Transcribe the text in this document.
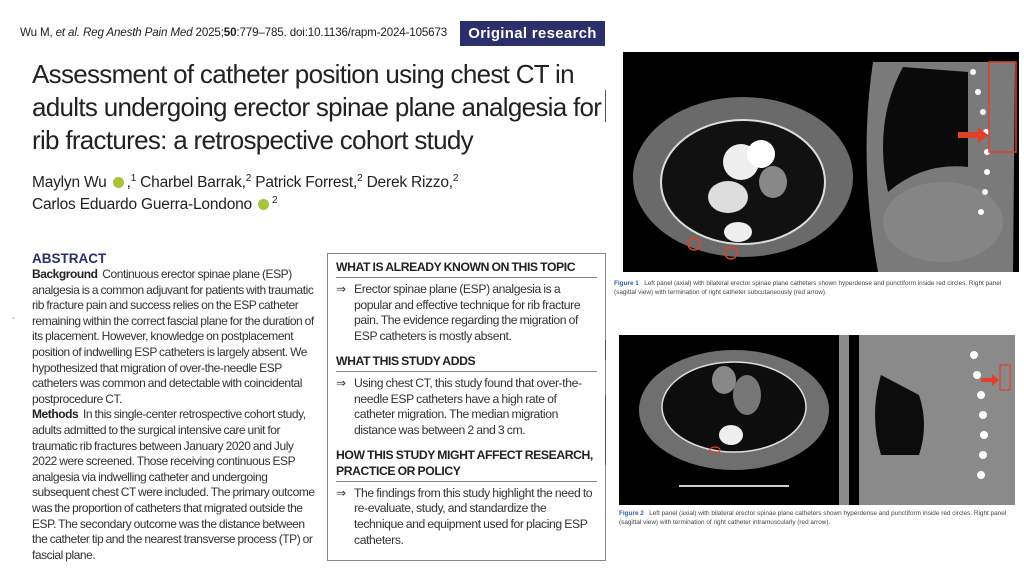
Wu M, et al. Reg Anesth Pain Med 2025;50:779–785. doi:10.1136/rapm-2024-105673	Original research
Assessment of catheter position using chest CT in adults undergoing erector spinae plane analgesia for rib fractures: a retrospective cohort study
Maylyn Wu ,$^1$ Charbel Barrak,$^2$ Patrick Forrest,$^2$ Derek Rizzo,$^2$
Carlos Eduardo Guerra-Londono $^2$
,
ABSTRACT
Background Continuous erector spinae plane (ESP) analgesia is a common adjuvant for patients with traumatic rib fracture pain and success relies on the ESP catheter remaining within the correct fascial plane for the duration of its placement. However, knowledge on postplacement position of indwelling ESP catheters is largely absent. We hypothesized that migration of over-the-needle ESP catheters was common and detectable with coincidental postprocedure CT.
Methods In this single-center retrospective cohort study, adults admitted to the surgical intensive care unit for traumatic rib fractures between January 2020 and July 2022 were screened. Those receiving continuous ESP analgesia via indwelling catheter and undergoing subsequent chest CT were included. The primary outcome was the proportion of catheters that migrated outside the ESP. The secondary outcome was the distance between the catheter tip and the nearest transverse process (TP) or fascial plane.
WHAT IS ALREADY KNOWN ON THIS TOPIC
⇒ Erector spinae plane (ESP) analgesia is a popular and effective technique for rib fracture pain. The evidence regarding the migration of ESP catheters is mostly absent.
WHAT THIS STUDY ADDS
⇒ Using chest CT, this study found that over-the-needle ESP catheters have a high rate of catheter migration. The median migration distance was between 2 and 3 cm.
HOW THIS STUDY MIGHT AFFECT RESEARCH, PRACTICE OR POLICY
⇒ The findings from this study highlight the need to re-evaluate, study, and standardize the technique and equipment used for placing ESP catheters.
Figure 1 Left panel (axial) with bilateral erector spinae plane catheters shown hyperdense and punctiform inside red circles. Right panel (sagittal view) with termination of right catheter subcutaneously (red arrow).
Figure 2 Left panel (axial) with bilateral erector spinae plane catheters shown hyperdense and punctiform inside red circles. Right panel (sagittal view) with termination of right catheter intramuscularly (red arrow).
